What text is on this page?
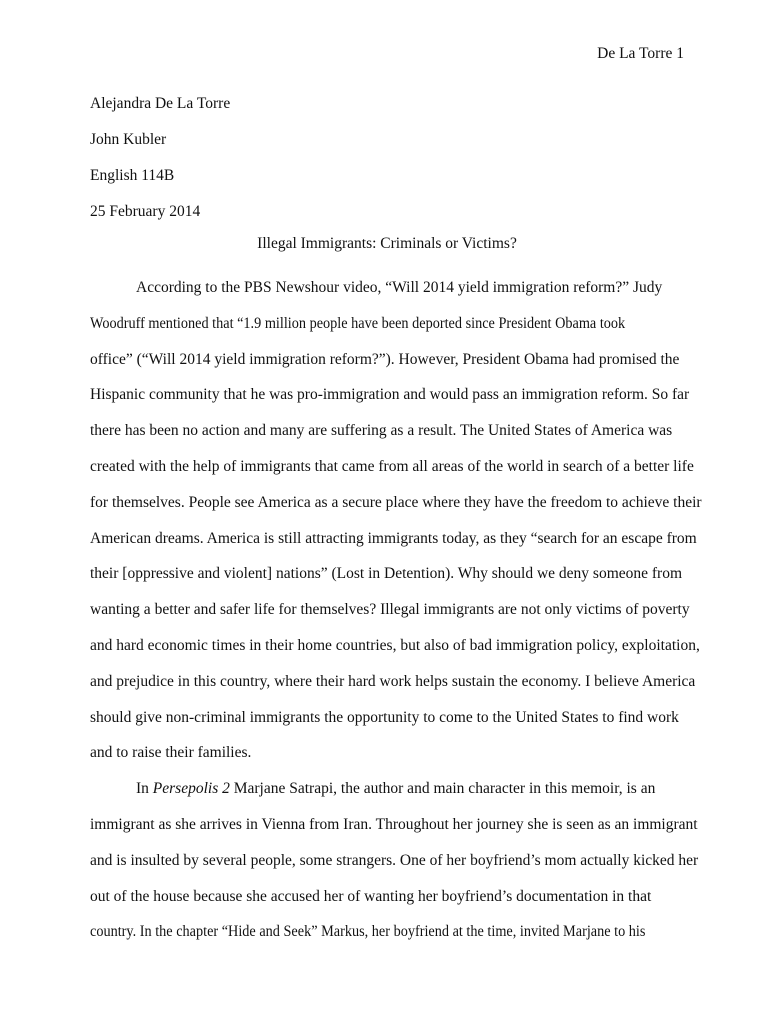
De La Torre 1
Alejandra De La Torre
John Kubler
English 114B
25 February 2014
Illegal Immigrants: Criminals or Victims?
According to the PBS Newshour video, “Will 2014 yield immigration reform?” Judy
Woodruff mentioned that “1.9 million people have been deported since President Obama took
office” (“Will 2014 yield immigration reform?”). However, President Obama had promised the
Hispanic community that he was pro-immigration and would pass an immigration reform. So far
there has been no action and many are suffering as a result. The United States of America was
created with the help of immigrants that came from all areas of the world in search of a better life
for themselves. People see America as a secure place where they have the freedom to achieve their
American dreams. America is still attracting immigrants today, as they “search for an escape from
their [oppressive and violent] nations” (Lost in Detention). Why should we deny someone from
wanting a better and safer life for themselves? Illegal immigrants are not only victims of poverty
and hard economic times in their home countries, but also of bad immigration policy, exploitation,
and prejudice in this country, where their hard work helps sustain the economy. I believe America
should give non-criminal immigrants the opportunity to come to the United States to find work
and to raise their families.
In Persepolis 2 Marjane Satrapi, the author and main character in this memoir, is an
immigrant as she arrives in Vienna from Iran. Throughout her journey she is seen as an immigrant
and is insulted by several people, some strangers. One of her boyfriend’s mom actually kicked her
out of the house because she accused her of wanting her boyfriend’s documentation in that
country. In the chapter “Hide and Seek” Markus, her boyfriend at the time, invited Marjane to his
